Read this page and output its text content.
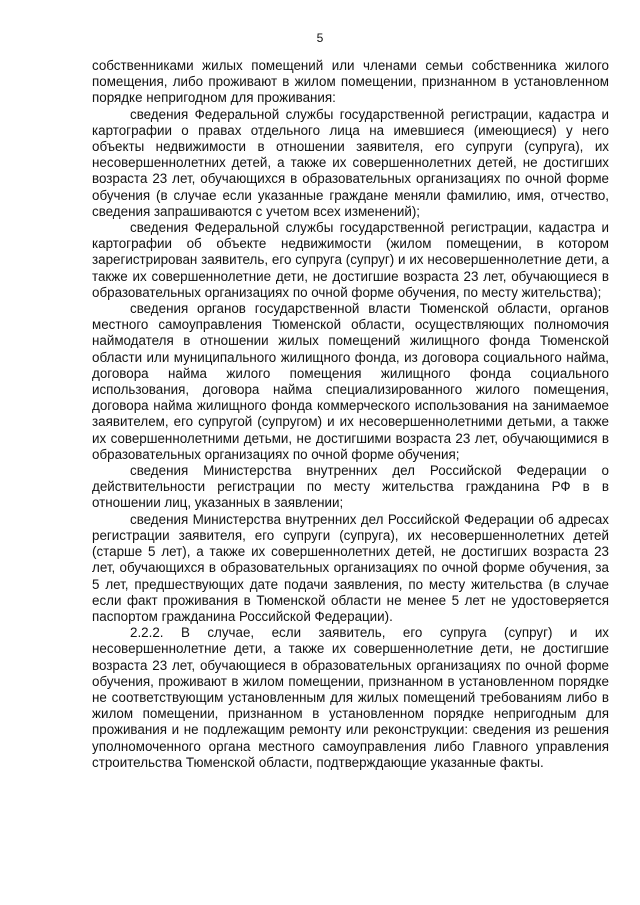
5

собственниками жилых помещений или членами семьи собственника жилого помещения, либо проживают в жилом помещении, признанном в установленном порядке непригодном для проживания:

сведения Федеральной службы государственной регистрации, кадастра и картографии о правах отдельного лица на имевшиеся (имеющиеся) у него объекты недвижимости в отношении заявителя, его супруги (супруга), их несовершеннолетних детей, а также их совершеннолетних детей, не достигших возраста 23 лет, обучающихся в образовательных организациях по очной форме обучения (в случае если указанные граждане меняли фамилию, имя, отчество, сведения запрашиваются с учетом всех изменений);

сведения Федеральной службы государственной регистрации, кадастра и картографии об объекте недвижимости (жилом помещении, в котором зарегистрирован заявитель, его супруга (супруг) и их несовершеннолетние дети, а также их совершеннолетние дети, не достигшие возраста 23 лет, обучающиеся в образовательных организациях по очной форме обучения, по месту жительства);

сведения органов государственной власти Тюменской области, органов местного самоуправления Тюменской области, осуществляющих полномочия наймодателя в отношении жилых помещений жилищного фонда Тюменской области или муниципального жилищного фонда, из договора социального найма, договора найма жилого помещения жилищного фонда социального использования, договора найма специализированного жилого помещения, договора найма жилищного фонда коммерческого использования на занимаемое заявителем, его супругой (супругом) и их несовершеннолетними детьми, а также их совершеннолетними детьми, не достигшими возраста 23 лет, обучающимися в образовательных организациях по очной форме обучения;

сведения Министерства внутренних дел Российской Федерации о действительности регистрации по месту жительства гражданина РФ в в отношении лиц, указанных в заявлении;

сведения Министерства внутренних дел Российской Федерации об адресах регистрации заявителя, его супруги (супруга), их несовершеннолетних детей (старше 5 лет), а также их совершеннолетних детей, не достигших возраста 23 лет, обучающихся в образовательных организациях по очной форме обучения, за 5 лет, предшествующих дате подачи заявления, по месту жительства (в случае если факт проживания в Тюменской области не менее 5 лет не удостоверяется паспортом гражданина Российской Федерации).

2.2.2. В случае, если заявитель, его супруга (супруг) и их несовершеннолетние дети, а также их совершеннолетние дети, не достигшие возраста 23 лет, обучающиеся в образовательных организациях по очной форме обучения, проживают в жилом помещении, признанном в установленном порядке не соответствующим установленным для жилых помещений требованиям либо в жилом помещении, признанном в установленном порядке непригодным для проживания и не подлежащим ремонту или реконструкции: сведения из решения уполномоченного органа местного самоуправления либо Главного управления строительства Тюменской области, подтверждающие указанные факты.
